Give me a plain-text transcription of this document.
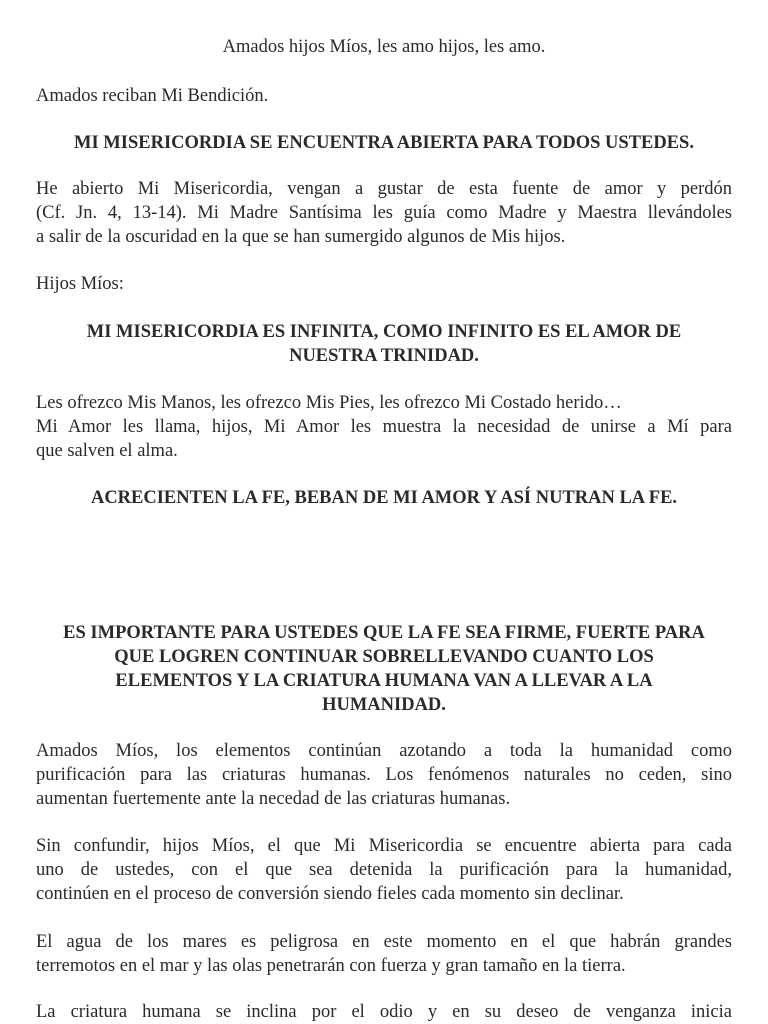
Amados hijos Míos, les amo hijos, les amo.

Amados reciban Mi Bendición.

MI MISERICORDIA SE ENCUENTRA ABIERTA PARA TODOS USTEDES.

He abierto Mi Misericordia, vengan a gustar de esta fuente de amor y perdón
(Cf. Jn. 4, 13-14). Mi Madre Santísima les guía como Madre y Maestra llevándoles
a salir de la oscuridad en la que se han sumergido algunos de Mis hijos.

Hijos Míos:

MI MISERICORDIA ES INFINITA, COMO INFINITO ES EL AMOR DE
NUESTRA TRINIDAD.

Les ofrezco Mis Manos, les ofrezco Mis Pies, les ofrezco Mi Costado herido…
Mi Amor les llama, hijos, Mi Amor les muestra la necesidad de unirse a Mí para
que salven el alma.

ACRECIENTEN LA FE, BEBAN DE MI AMOR Y ASÍ NUTRAN LA FE.

ES IMPORTANTE PARA USTEDES QUE LA FE SEA FIRME, FUERTE PARA
QUE LOGREN CONTINUAR SOBRELLEVANDO CUANTO LOS
ELEMENTOS Y LA CRIATURA HUMANA VAN A LLEVAR A LA
HUMANIDAD.

Amados Míos, los elementos continúan azotando a toda la humanidad como
purificación para las criaturas humanas. Los fenómenos naturales no ceden, sino
aumentan fuertemente ante la necedad de las criaturas humanas.

Sin confundir, hijos Míos, el que Mi Misericordia se encuentre abierta para cada
uno de ustedes, con el que sea detenida la purificación para la humanidad,
continúen en el proceso de conversión siendo fieles cada momento sin declinar.

El agua de los mares es peligrosa en este momento en el que habrán grandes
terremotos en el mar y las olas penetrarán con fuerza y gran tamaño en la tierra.

La criatura humana se inclina por el odio y en su deseo de venganza inicia
